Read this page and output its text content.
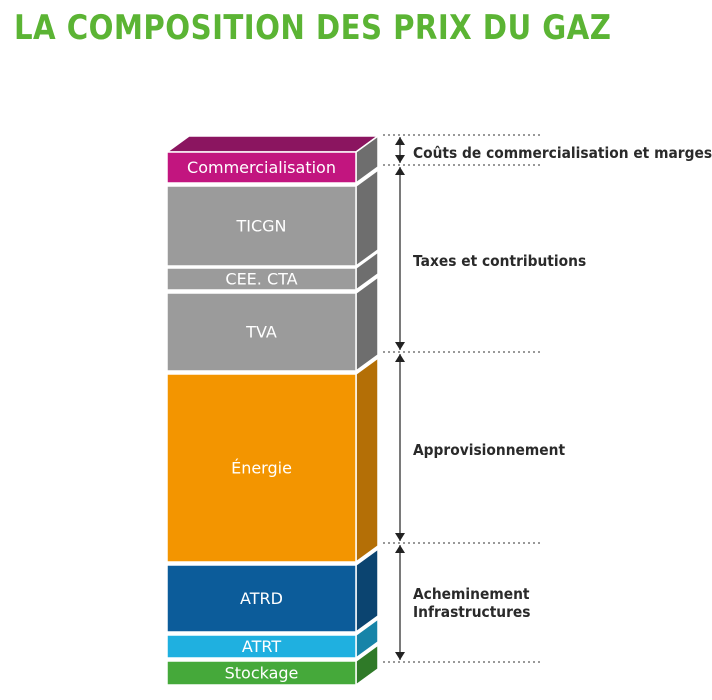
LA COMPOSITION DES PRIX DU GAZ
Commercialisation
TICGN
CEE. CTA
TVA
Énergie
ATRD
ATRT
Stockage

Coûts de commercialisation et marges

Taxes et contributions

Approvisionnement

Acheminement

Infrastructures
